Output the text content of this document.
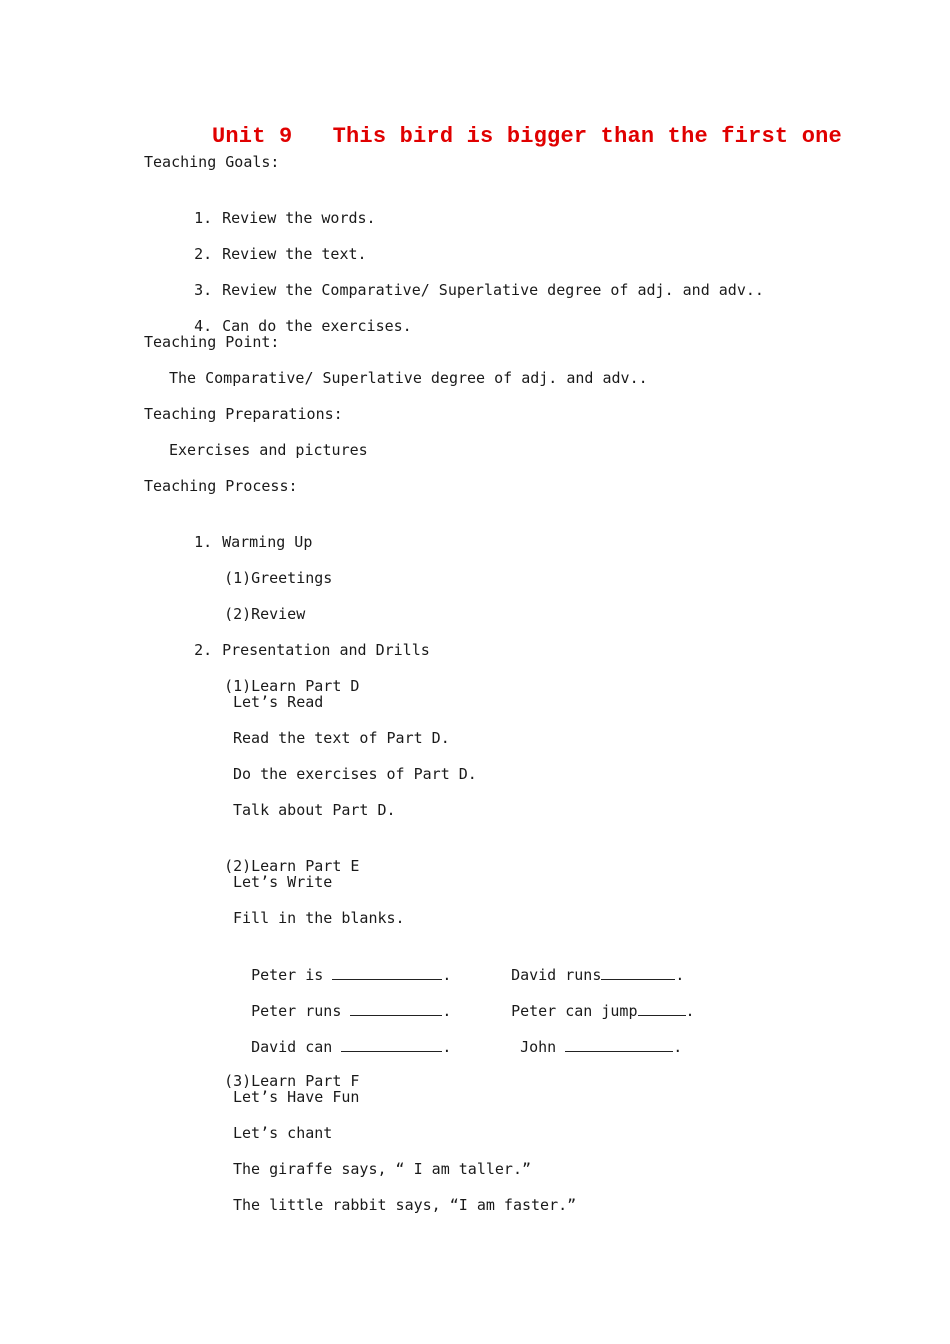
Unit 9   This bird is bigger than the first one
Teaching Goals:

1. Review the words.

2. Review the text.

3. Review the Comparative/ Superlative degree of adj. and adv..

4. Can do the exercises.

Teaching Point:
The Comparative/ Superlative degree of adj. and adv..
Teaching Preparations:
Exercises and pictures
Teaching Process:

1. Warming Up

(1)Greetings

(2)Review

2. Presentation and Drills

(1)Learn Part D

Let’s Read
Read the text of Part D.
Do the exercises of Part D.
Talk about Part D.

(2)Learn Part E

Let’s Write
Fill in the blanks.

Peter is	.	David runs	.

Peter runs	.	Peter can jump	.

David can	.	John	.

(3)Learn Part F

Let’s Have Fun
Let’s chant
The giraffe says, “ I am taller.”
The little rabbit says, “I am faster.”
